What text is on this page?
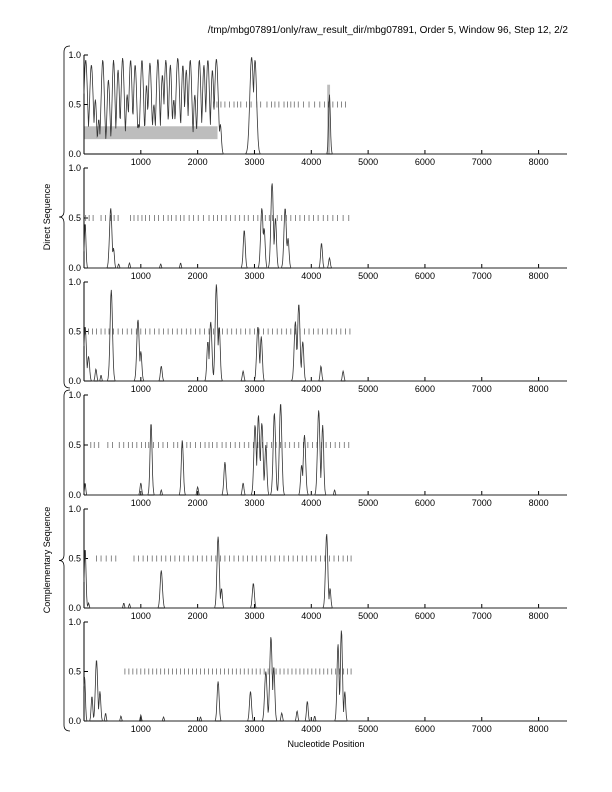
/tmp/mbg07891/only/raw_result_dir/mbg07891, Order 5, Window 96, Step 12, 2/2
Nucleotide Position
Direct Sequence
Complementary Sequence
0.0
0.5
1.0
1000	2000	3000	4000	5000	6000	7000	8000
0.0
0.5
1.0
1000	2000	3000	4000	5000	6000	7000	8000
0.0
0.5
1.0
1000	2000	3000	4000	5000	6000	7000	8000
0.0
0.5
1.0
1000	2000	3000	4000	5000	6000	7000	8000
0.0
0.5
1.0
1000	2000	3000	4000	5000	6000	7000	8000
0.0
0.5
1.0
1000	2000	3000	4000	5000	6000	7000	8000
